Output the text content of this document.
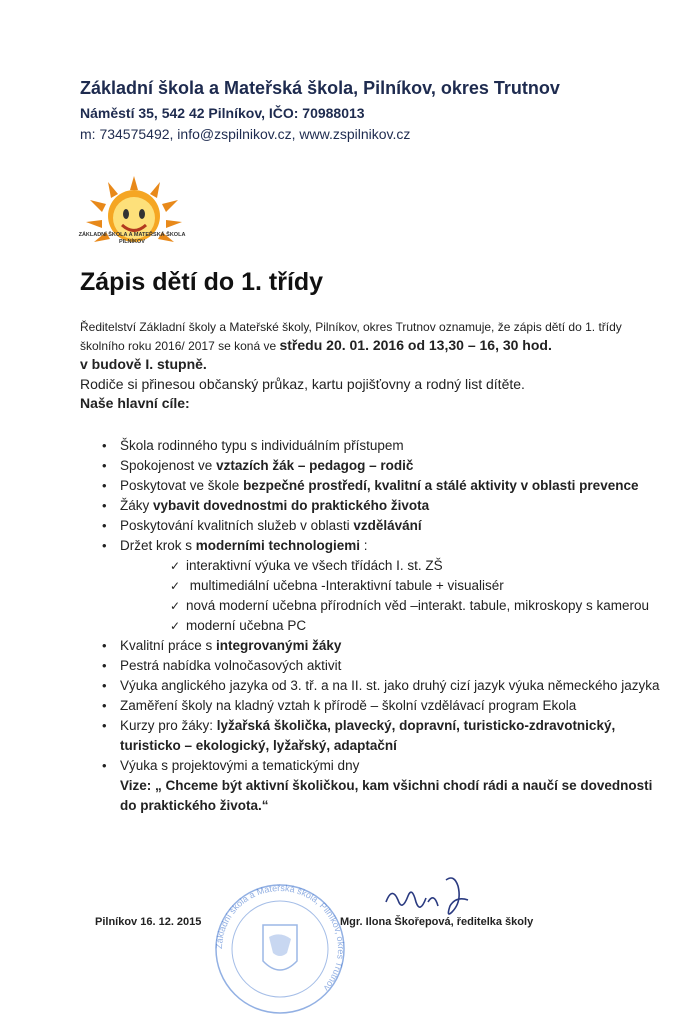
Základní škola a Mateřská škola, Pilníkov, okres Trutnov
Náměstí 35, 542 42 Pilníkov, IČO: 70988013
m: 734575492, info@zspilnikov.cz, www.zspilnikov.cz
ZÁKLADNÍ ŠKOLA A MATEŘSKÁ ŠKOLA
PILNÍKOV
Zápis dětí do 1. třídy
Ředitelství Základní školy a Mateřské školy, Pilníkov, okres Trutnov oznamuje, že zápis dětí do 1. třídy školního roku 2016/ 2017 se koná ve středu 20. 01. 2016 od 13,30 – 16, 30 hod.
v budově I. stupně.
Rodiče si přinesou občanský průkaz, kartu pojišťovny a rodný list dítěte.
Naše hlavní cíle:
• Škola rodinného typu s individuálním přístupem
• Spokojenost ve vztazích žák – pedagog – rodič
• Poskytovat ve škole bezpečné prostředí, kvalitní a stálé aktivity v oblasti prevence
• Žáky vybavit dovednostmi do praktického života
• Poskytování kvalitních služeb v oblasti vzdělávání
• Držet krok s moderními technologiemi :
✓ interaktivní výuka ve všech třídách I. st. ZŠ
✓ multimediální učebna -Interaktivní tabule + visualisér
✓ nová moderní učebna přírodních věd –interakt. tabule, mikroskopy s kamerou
✓ moderní učebna PC
• Kvalitní práce s integrovanými žáky
• Pestrá nabídka volnočasových aktivit
• Výuka anglického jazyka od 3. tř. a na II. st. jako druhý cizí jazyk výuka německého jazyka
• Zaměření školy na kladný vztah k přírodě – školní vzdělávací program Ekola
• Kurzy pro žáky: lyžařská školička, plavecký, dopravní, turisticko-zdravotnický, turisticko – ekologický, lyžařský, adaptační
• Výuka s projektovými a tematickými dny
Vize: „ Chceme být aktivní školičkou, kam všichni chodí rádi a naučí se dovednosti do praktického života.“
Základní škola a Mateřská škola, Pilníkov, okres Trutnov
Pilníkov 16. 12. 2015	Mgr. Ilona Škořepová, ředitelka školy
